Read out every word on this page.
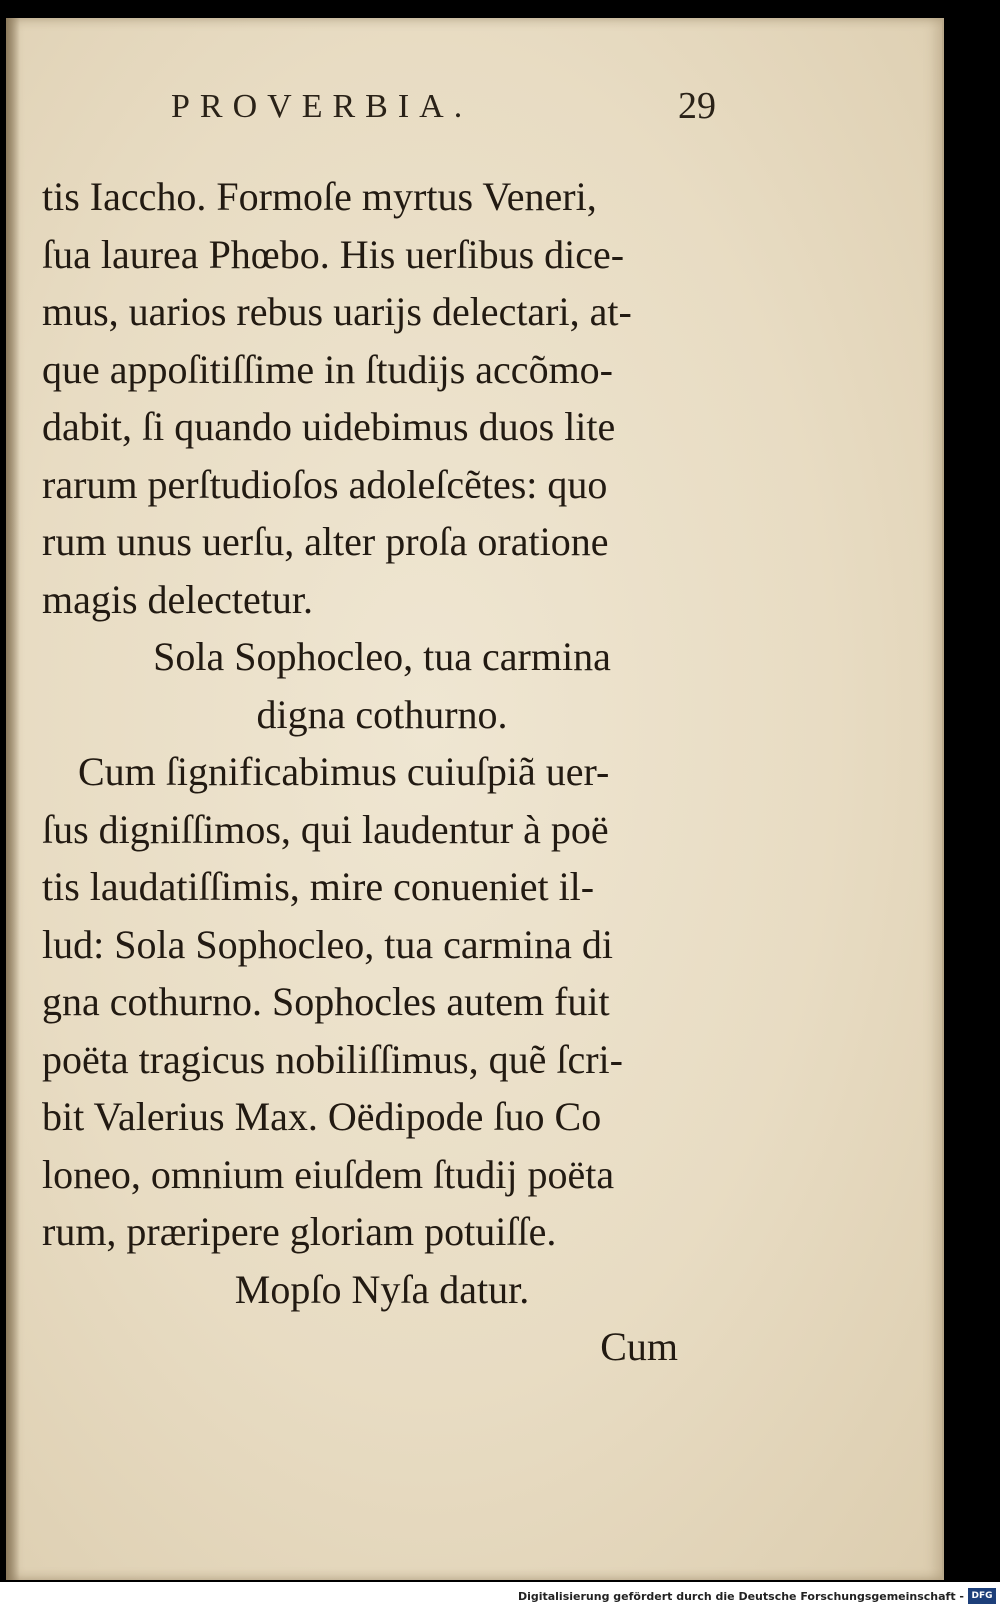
PROVERBIA.	29
tis Iaccho. Formoſe myrtus Veneri,
ſua laurea Phœbo. His uerſibus dice-
mus, uarios rebus uarijs delectari, at-
que appoſitiſſime in ſtudijs accõmo-
dabit, ſi quando uidebimus duos lite
rarum perſtudioſos adoleſcẽtes: quo
rum unus uerſu, alter proſa oratione
magis delectetur.
Sola Sophocleo, tua carmina
digna cothurno.
Cum ſignificabimus cuiuſpiã uer-
ſus digniſſimos, qui laudentur à poë
tis laudatiſſimis, mire conueniet il-
lud: Sola Sophocleo, tua carmina di
gna cothurno. Sophocles autem fuit
poëta tragicus nobiliſſimus, quẽ ſcri-
bit Valerius Max. Oëdipode ſuo Co
loneo, omnium eiuſdem ſtudij poëta
rum, præripere gloriam potuiſſe.
Mopſo Nyſa datur.
Cum
Digitalisierung gefördert durch die Deutsche Forschungsgemeinschaft - DFG
